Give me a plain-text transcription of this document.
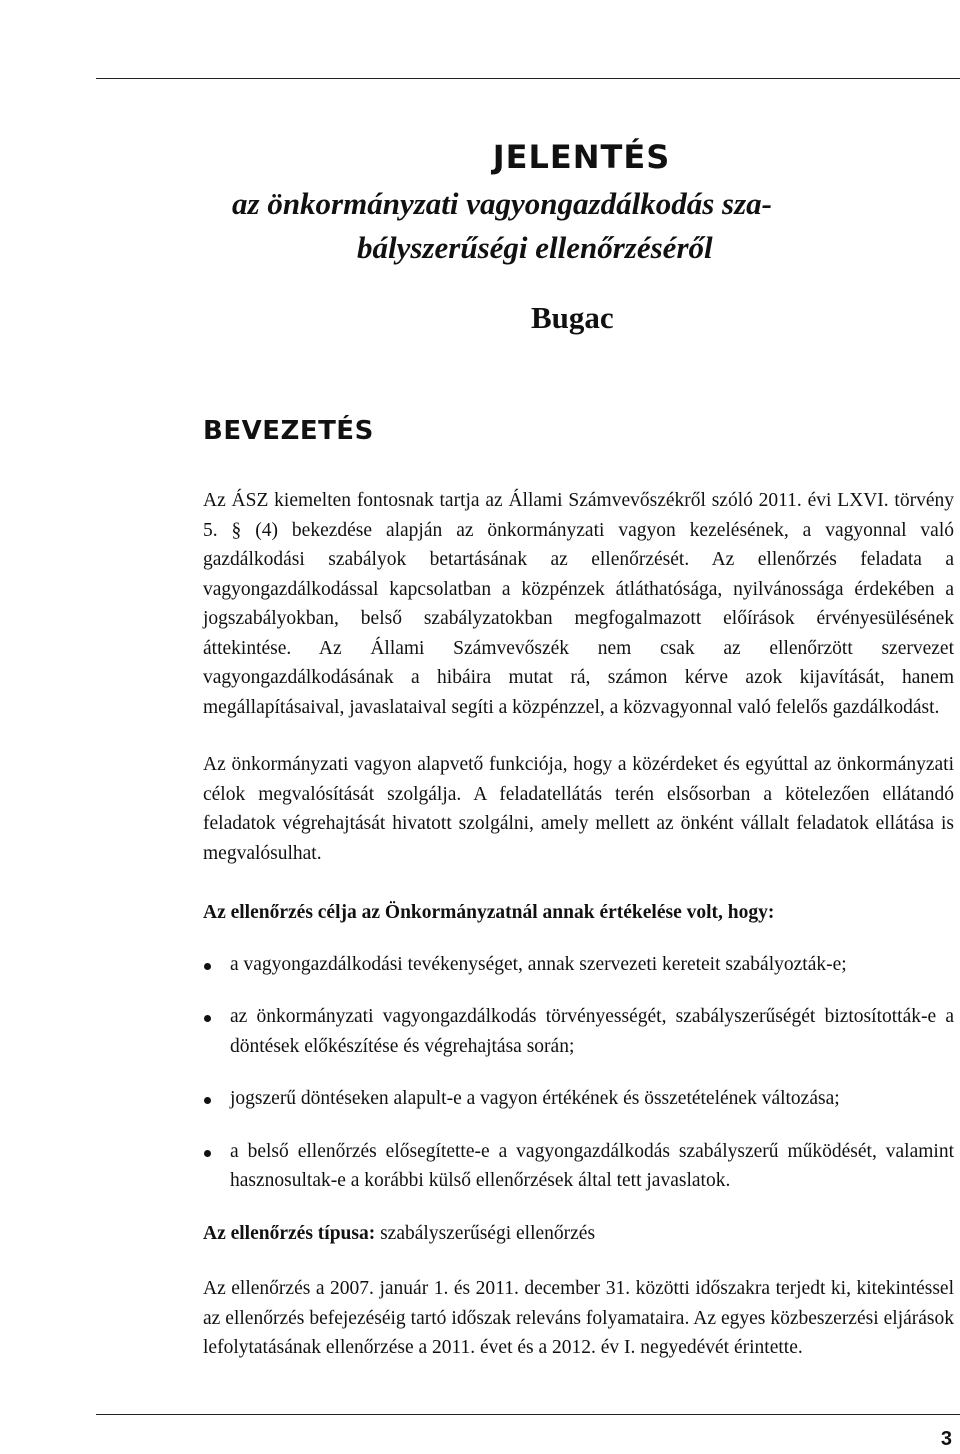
JELENTÉS
az önkormányzati vagyongazdálkodás sza-
bályszerűségi ellenőrzéséről
Bugac
BEVEZETÉS

Az ÁSZ kiemelten fontosnak tartja az Állami Számvevőszékről szóló 2011. évi LXVI. törvény 5. § (4) bekezdése alapján az önkormányzati vagyon kezelésének, a vagyonnal való gazdálkodási szabályok betartásának az ellenőrzését. Az ellenőrzés feladata a vagyongazdálkodással kapcsolatban a közpénzek átláthatósága, nyilvánossága érdekében a jogszabályokban, belső szabályzatokban megfogalmazott előírások érvényesülésének áttekintése. Az Állami Számvevőszék nem csak az ellenőrzött szervezet vagyongazdálkodásának a hibáira mutat rá, számon kérve azok kijavítását, hanem megállapításaival, javaslataival segíti a közpénzzel, a közvagyonnal való felelős gazdálkodást.

Az önkormányzati vagyon alapvető funkciója, hogy a közérdeket és egyúttal az önkormányzati célok megvalósítását szolgálja. A feladatellátás terén elsősorban a kötelezően ellátandó feladatok végrehajtását hivatott szolgálni, amely mellett az önként vállalt feladatok ellátása is megvalósulhat.

Az ellenőrzés célja az Önkormányzatnál annak értékelése volt, hogy:

a vagyongazdálkodási tevékenységet, annak szervezeti kereteit szabályozták-e;
az önkormányzati vagyongazdálkodás törvényességét, szabályszerűségét biztosították-e a döntések előkészítése és végrehajtása során;
jogszerű döntéseken alapult-e a vagyon értékének és összetételének változása;
a belső ellenőrzés elősegítette-e a vagyongazdálkodás szabályszerű működését, valamint hasznosultak-e a korábbi külső ellenőrzések által tett javaslatok.

Az ellenőrzés típusa: szabályszerűségi ellenőrzés

Az ellenőrzés a 2007. január 1. és 2011. december 31. közötti időszakra terjedt ki, kitekintéssel az ellenőrzés befejezéséig tartó időszak releváns folyamataira. Az egyes közbeszerzési eljárások lefolytatásának ellenőrzése a 2011. évet és a 2012. év I. negyedévét érintette.

3
